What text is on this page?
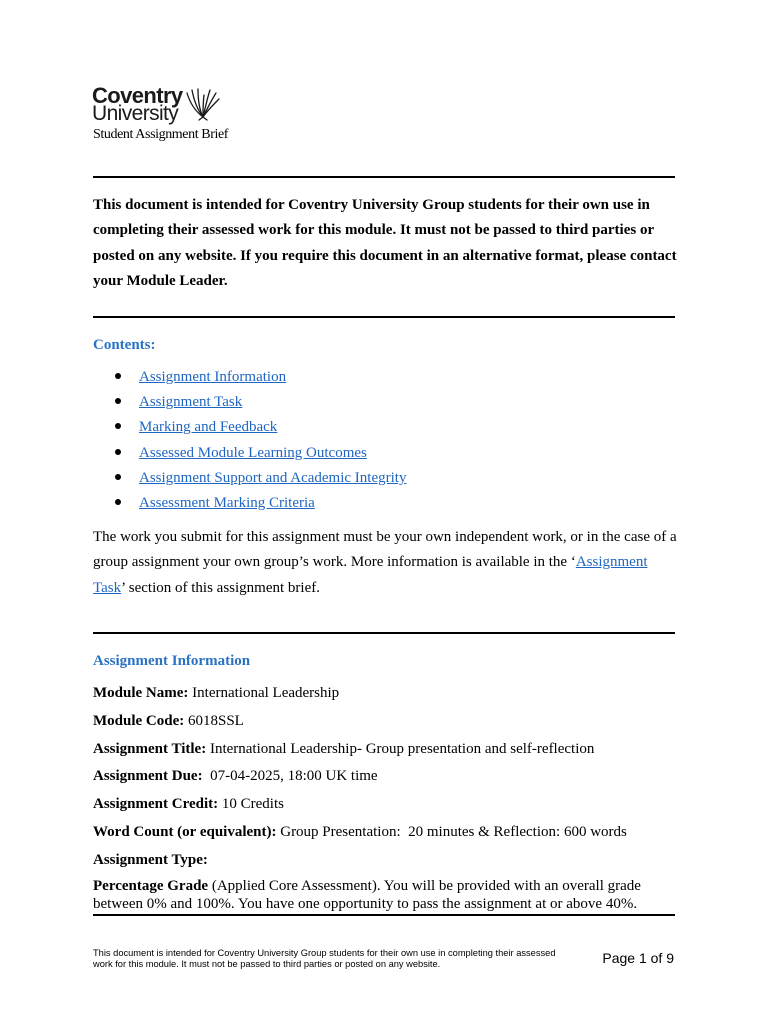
Coventry
University
Student Assignment Brief
This document is intended for Coventry University Group students for their own use in completing their assessed work for this module. It must not be passed to third parties or posted on any website. If you require this document in an alternative format, please contact your Module Leader.
Contents:
Assignment Information
Assignment Task
Marking and Feedback
Assessed Module Learning Outcomes
Assignment Support and Academic Integrity
Assessment Marking Criteria
The work you submit for this assignment must be your own independent work, or in the case of a group assignment your own group’s work. More information is available in the ‘Assignment Task’ section of this assignment brief.
Assignment Information
Module Name: International Leadership
Module Code: 6018SSL
Assignment Title: International Leadership- Group presentation and self-reflection
Assignment Due:  07-04-2025, 18:00 UK time
Assignment Credit: 10 Credits
Word Count (or equivalent): Group Presentation:  20 minutes & Reflection: 600 words
Assignment Type:
Percentage Grade (Applied Core Assessment). You will be provided with an overall grade between 0% and 100%. You have one opportunity to pass the assignment at or above 40%.
This document is intended for Coventry University Group students for their own use in completing their assessed work for this module. It must not be passed to third parties or posted on any website.	Page 1 of 9
